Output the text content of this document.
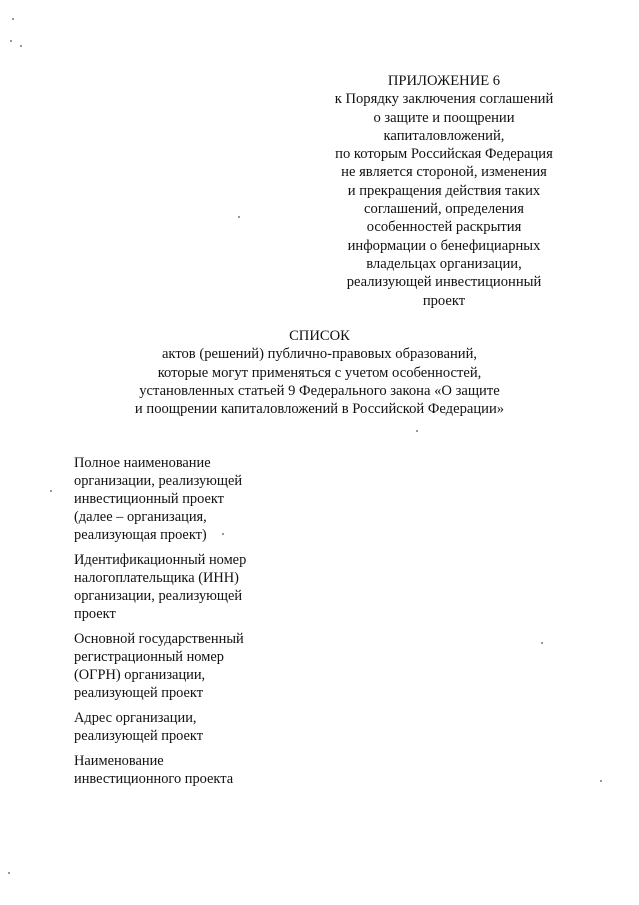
ПРИЛОЖЕНИЕ 6
к Порядку заключения соглашений
о защите и поощрении
капиталовложений,
по которым Российская Федерация
не является стороной, изменения
и прекращения действия таких
соглашений, определения
особенностей раскрытия
информации о бенефициарных
владельцах организации,
реализующей инвестиционный
проект
СПИСОК
актов (решений) публично-правовых образований,
которые могут применяться с учетом особенностей,
установленных статьей 9 Федерального закона «О защите
и поощрении капиталовложений в Российской Федерации»
Полное наименование
организации, реализующей
инвестиционный проект
(далее – организация,
реализующая проект)
Идентификационный номер
налогоплательщика (ИНН)
организации, реализующей
проект
Основной государственный
регистрационный номер
(ОГРН) организации,
реализующей проект
Адрес организации,
реализующей проект
Наименование
инвестиционного проекта
